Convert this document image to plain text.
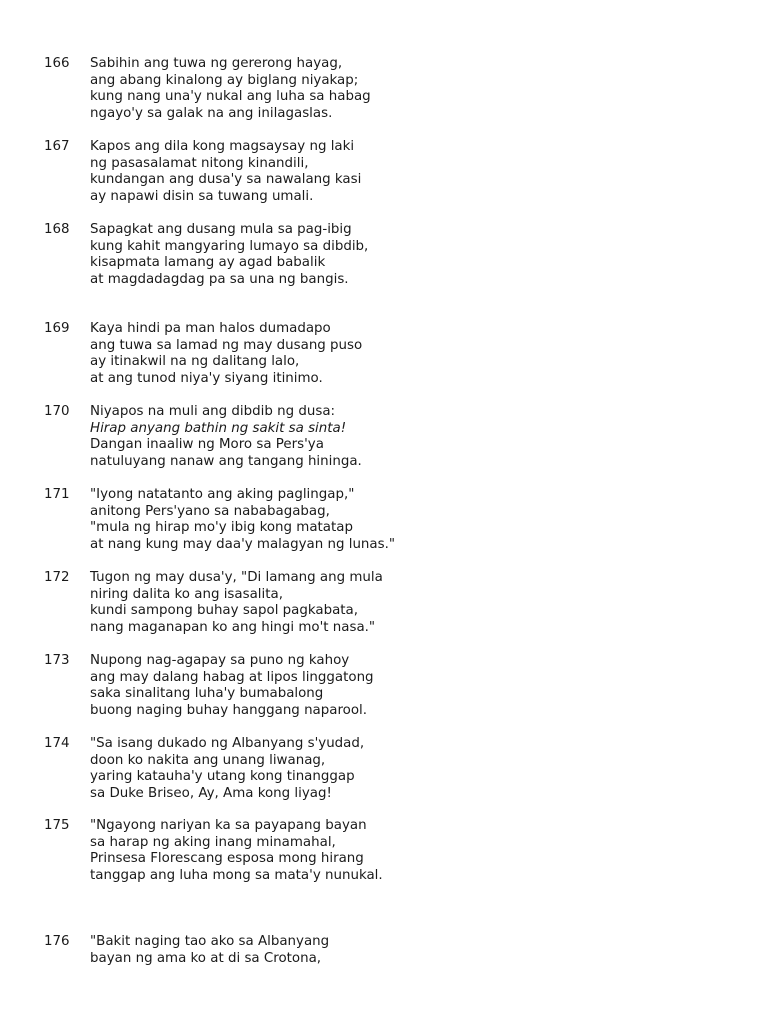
166	Sabihin ang tuwa ng gererong hayag,
ang abang kinalong ay biglang niyakap;
kung nang una'y nukal ang luha sa habag
ngayo'y sa galak na ang inilagaslas.
167	Kapos ang dila kong magsaysay ng laki
ng pasasalamat nitong kinandili,
kundangan ang dusa'y sa nawalang kasi
ay napawi disin sa tuwang umali.
168	Sapagkat ang dusang mula sa pag-ibig
kung kahit mangyaring lumayo sa dibdib,
kisapmata lamang ay agad babalik
at magdadagdag pa sa una ng bangis.
169	Kaya hindi pa man halos dumadapo
ang tuwa sa lamad ng may dusang puso
ay itinakwil na ng dalitang lalo,
at ang tunod niya'y siyang itinimo.
170	Niyapos na muli ang dibdib ng dusa:
Hirap anyang bathin ng sakit sa sinta!
Dangan inaaliw ng Moro sa Pers'ya
natuluyang nanaw ang tangang hininga.
171	"Iyong natatanto ang aking paglingap,"
anitong Pers'yano sa nababagabag,
"mula ng hirap mo'y ibig kong matatap
at nang kung may daa'y malagyan ng lunas."
172	Tugon ng may dusa'y, "Di lamang ang mula
niring dalita ko ang isasalita,
kundi sampong buhay sapol pagkabata,
nang maganapan ko ang hingi mo't nasa."
173	Nupong nag-agapay sa puno ng kahoy
ang may dalang habag at lipos linggatong
saka sinalitang luha'y bumabalong
buong naging buhay hanggang naparool.
174	"Sa isang dukado ng Albanyang s'yudad,
doon ko nakita ang unang liwanag,
yaring katauha'y utang kong tinanggap
sa Duke Briseo, Ay, Ama kong liyag!
175	"Ngayong nariyan ka sa payapang bayan
sa harap ng aking inang minamahal,
Prinsesa Florescang esposa mong hirang
tanggap ang luha mong sa mata'y nunukal.
176	"Bakit naging tao ako sa Albanyang
bayan ng ama ko at di sa Crotona,
